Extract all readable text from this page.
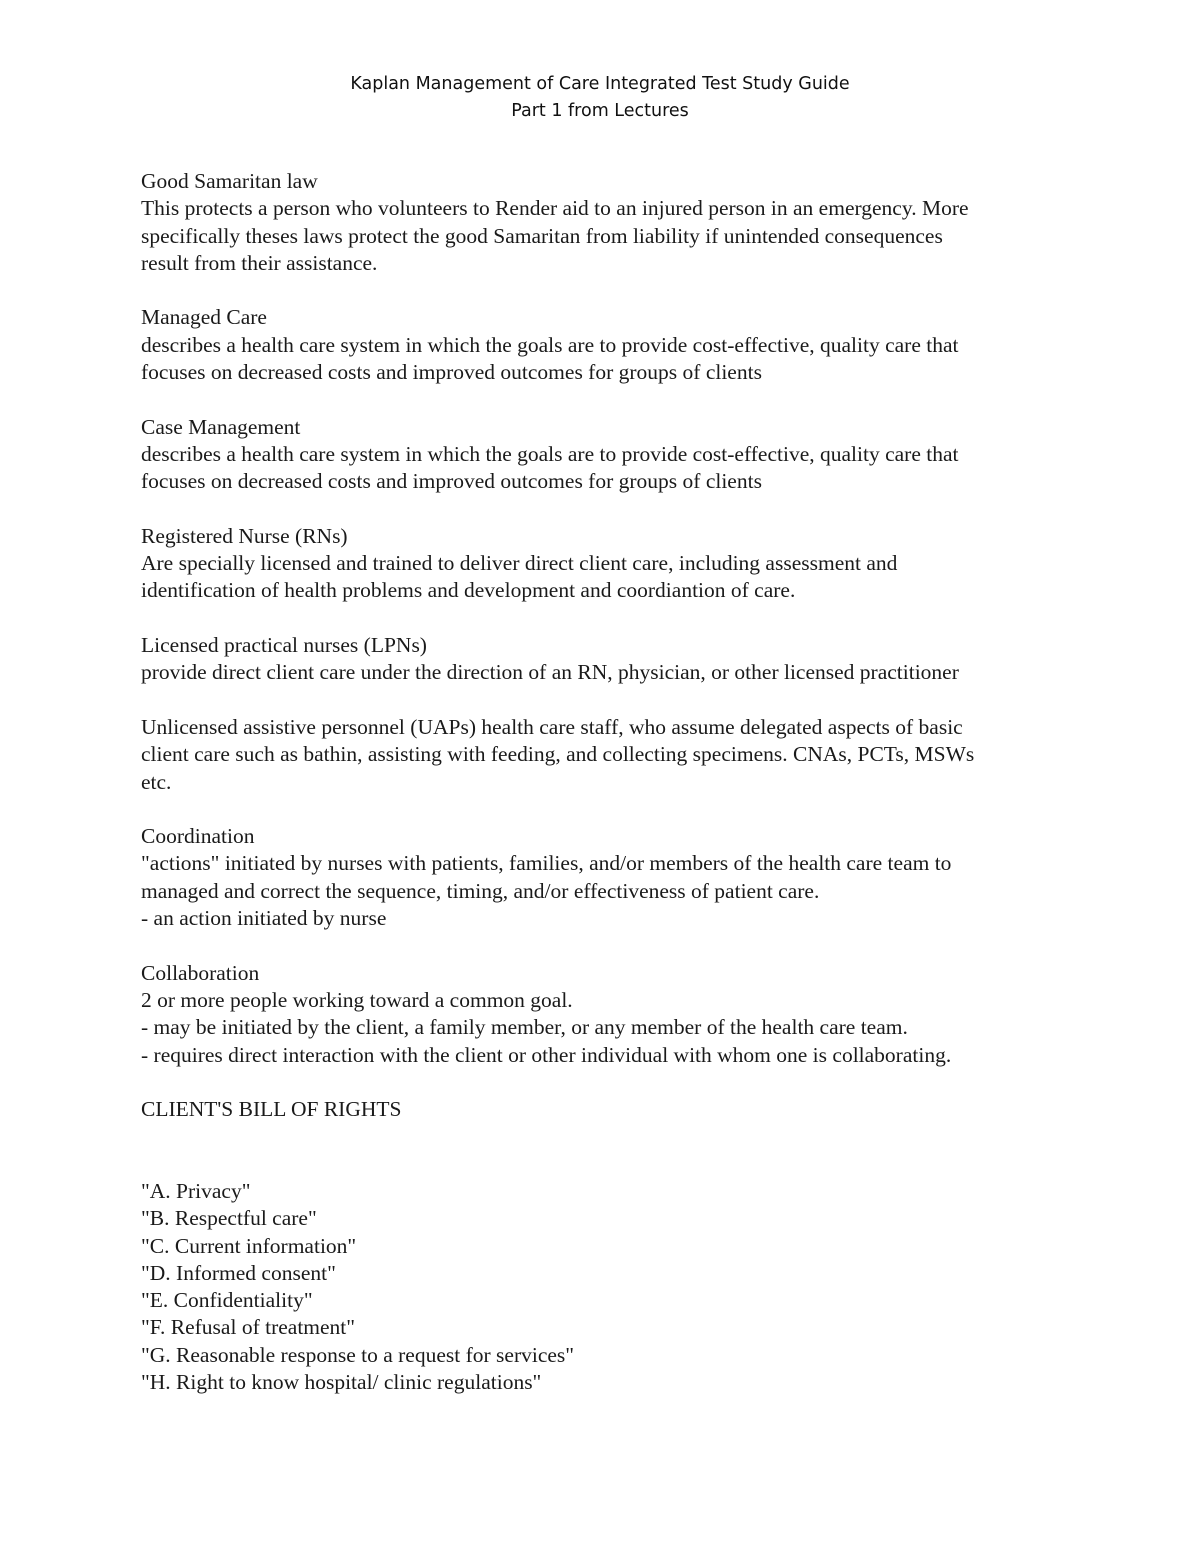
Kaplan Management of Care Integrated Test Study Guide
Part 1 from Lectures
Good Samaritan law
This protects a person who volunteers to Render aid to an injured person in an emergency. More
specifically theses laws protect the good Samaritan from liability if unintended consequences
result from their assistance.
Managed Care
describes a health care system in which the goals are to provide cost-effective, quality care that
focuses on decreased costs and improved outcomes for groups of clients
Case Management
describes a health care system in which the goals are to provide cost-effective, quality care that
focuses on decreased costs and improved outcomes for groups of clients
Registered Nurse (RNs)
Are specially licensed and trained to deliver direct client care, including assessment and
identification of health problems and development and coordiantion of care.
Licensed practical nurses (LPNs)
provide direct client care under the direction of an RN, physician, or other licensed practitioner
Unlicensed assistive personnel (UAPs) health care staff, who assume delegated aspects of basic
client care such as bathin, assisting with feeding, and collecting specimens. CNAs, PCTs, MSWs
etc.
Coordination
"actions" initiated by nurses with patients, families, and/or members of the health care team to
managed and correct the sequence, timing, and/or effectiveness of patient care.
- an action initiated by nurse
Collaboration
2 or more people working toward a common goal.
- may be initiated by the client, a family member, or any member of the health care team.
- requires direct interaction with the client or other individual with whom one is collaborating.
CLIENT'S BILL OF RIGHTS
"A. Privacy"
"B. Respectful care"
"C. Current information"
"D. Informed consent"
"E. Confidentiality"
"F. Refusal of treatment"
"G. Reasonable response to a request for services"
"H. Right to know hospital/ clinic regulations"
